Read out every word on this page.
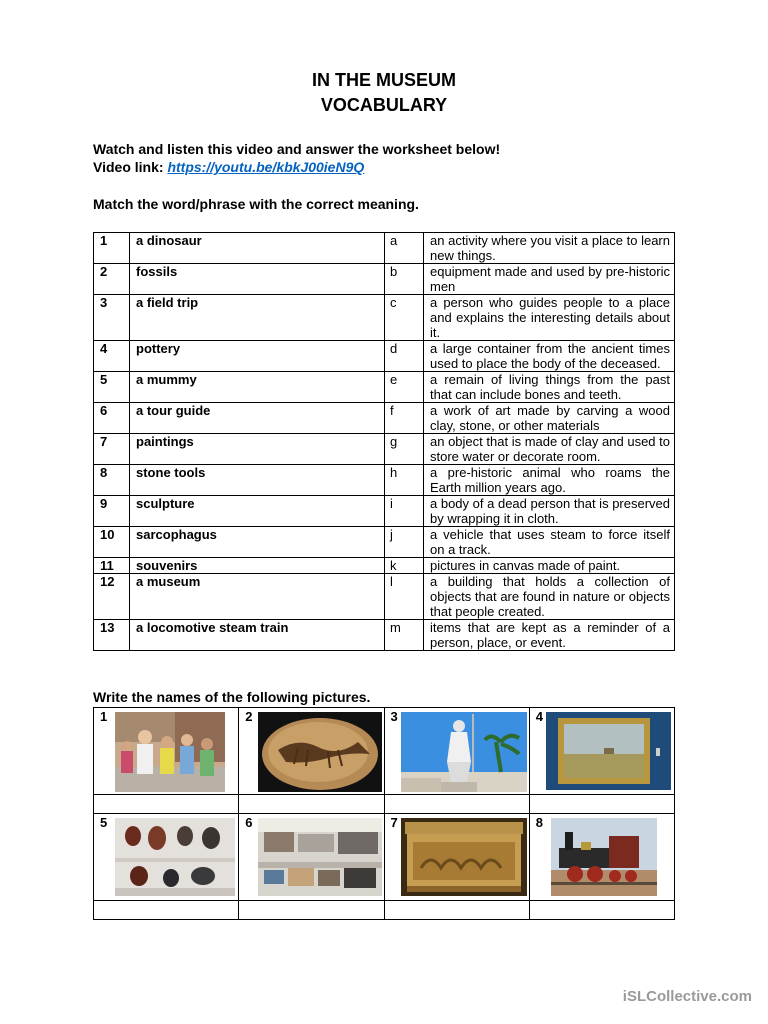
IN THE MUSEUM
VOCABULARY
Watch and listen this video and answer the worksheet below!
Video link: https://youtu.be/kbkJ00ieN9Q
Match the word/phrase with the correct meaning.
1	a dinosaur	a	an activity where you visit a place to learn new things.
2	fossils	b	equipment made and used by pre-historic men
3	a field trip	c	a person who guides people to a place and explains the interesting details about it.
4	pottery	d	a large container from the ancient times used to place the body of the deceased.
5	a mummy	e	a remain of living things from the past that can include bones and teeth.
6	a tour guide	f	a work of art made by carving a wood clay, stone, or other materials
7	paintings	g	an object that is made of clay and used to store water or decorate room.
8	stone tools	h	a pre-historic animal who roams the Earth million years ago.
9	sculpture	i	a body of a dead person that is preserved by wrapping it in cloth.
10	sarcophagus	j	a vehicle that uses steam to force itself on a track.
11	souvenirs	k	pictures in canvas made of paint.
12	a museum	l	a building that holds a collection of objects that are found in nature or objects that people created.
13	a locomotive steam train	m	items that are kept as a reminder of a person, place, or event.
Write the names of the following pictures.
1	2	3	4

5	6	7	8

iSLCollective.com
